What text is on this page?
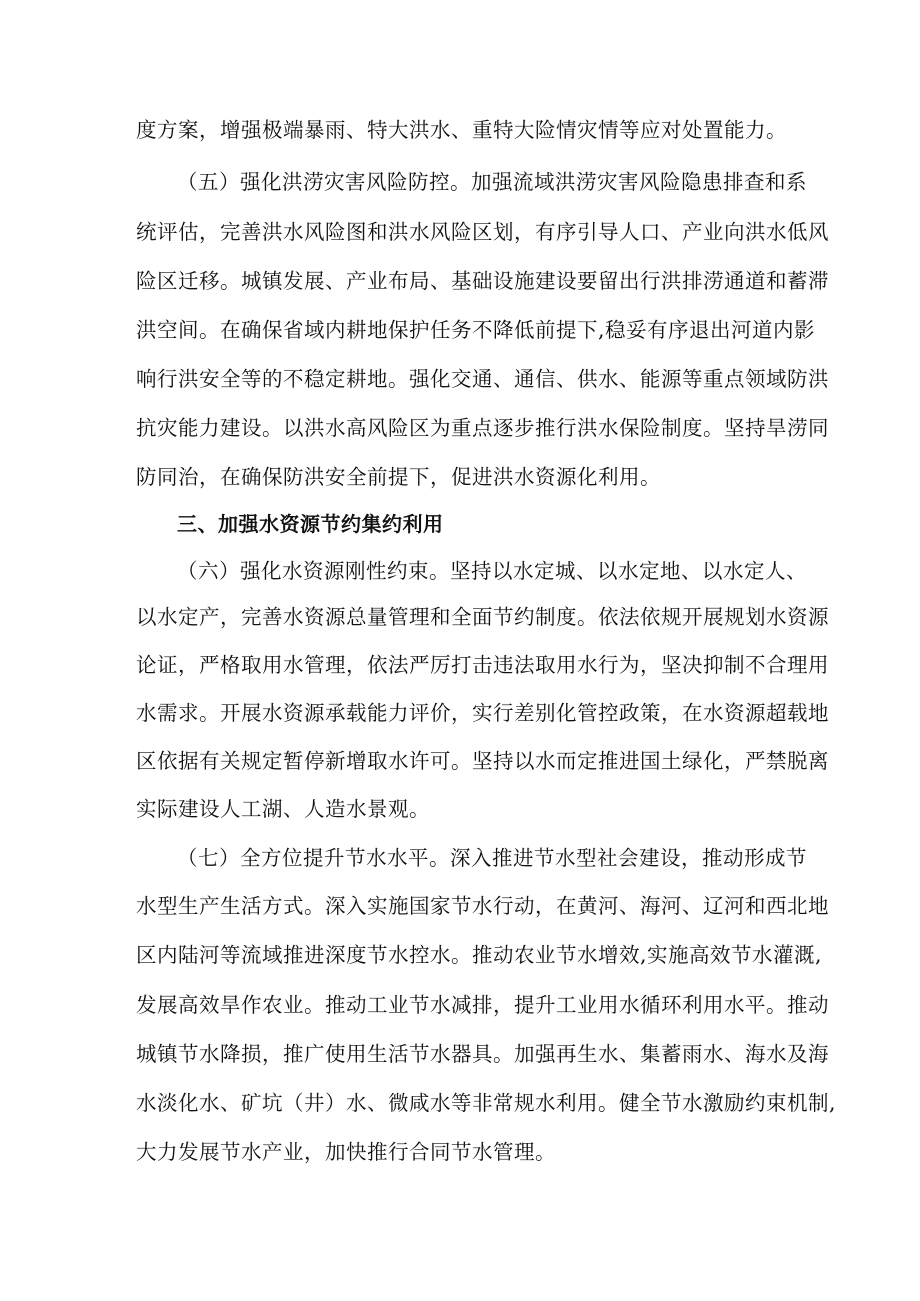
度方案，增强极端暴雨、特大洪水、重特大险情灾情等应对处置能力。
（五）强化洪涝灾害风险防控。加强流域洪涝灾害风险隐患排查和系
统评估，完善洪水风险图和洪水风险区划，有序引导人口、产业向洪水低风
险区迁移。城镇发展、产业布局、基础设施建设要留出行洪排涝通道和蓄滞
洪空间。在确保省域内耕地保护任务不降低前提下,稳妥有序退出河道内影
响行洪安全等的不稳定耕地。强化交通、通信、供水、能源等重点领域防洪
抗灾能力建设。以洪水高风险区为重点逐步推行洪水保险制度。坚持旱涝同
防同治，在确保防洪安全前提下，促进洪水资源化利用。
三、加强水资源节约集约利用
（六）强化水资源刚性约束。坚持以水定城、以水定地、以水定人、
以水定产，完善水资源总量管理和全面节约制度。依法依规开展规划水资源
论证，严格取用水管理，依法严厉打击违法取用水行为，坚决抑制不合理用
水需求。开展水资源承载能力评价，实行差别化管控政策，在水资源超载地
区依据有关规定暂停新增取水许可。坚持以水而定推进国土绿化，严禁脱离
实际建设人工湖、人造水景观。
（七）全方位提升节水水平。深入推进节水型社会建设，推动形成节
水型生产生活方式。深入实施国家节水行动，在黄河、海河、辽河和西北地
区内陆河等流域推进深度节水控水。推动农业节水增效,实施高效节水灌溉,
发展高效旱作农业。推动工业节水减排，提升工业用水循环利用水平。推动
城镇节水降损，推广使用生活节水器具。加强再生水、集蓄雨水、海水及海
水淡化水、矿坑（井）水、微咸水等非常规水利用。健全节水激励约束机制,
大力发展节水产业，加快推行合同节水管理。
